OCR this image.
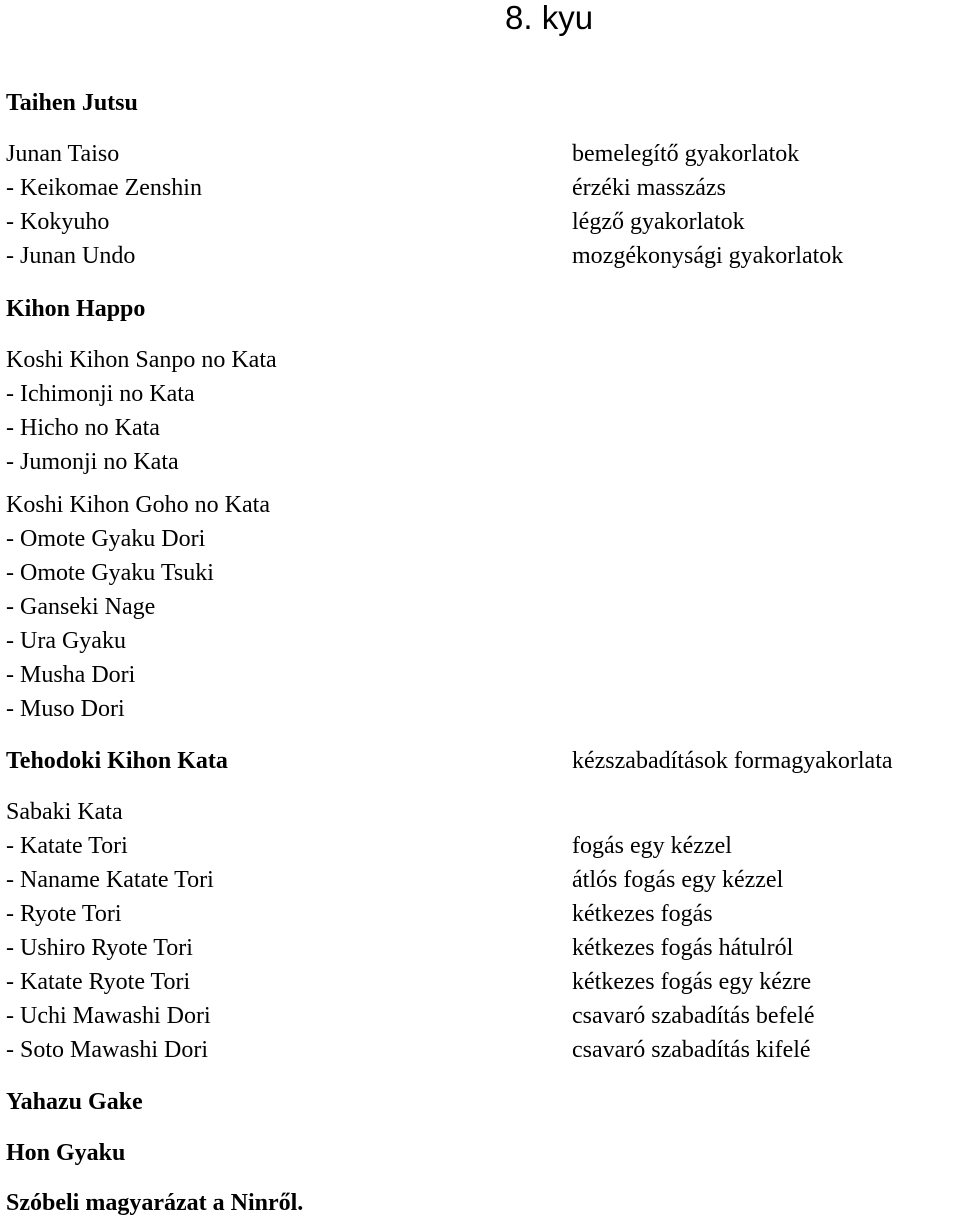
8. kyu
Taihen Jutsu
Junan Taiso	bemelegítő gyakorlatok
- Keikomae Zenshin	érzéki masszázs
- Kokyuho	légző gyakorlatok
- Junan Undo	mozgékonysági gyakorlatok
Kihon Happo
Koshi Kihon Sanpo no Kata
- Ichimonji no Kata
- Hicho no Kata
- Jumonji no Kata
Koshi Kihon Goho no Kata
- Omote Gyaku Dori
- Omote Gyaku Tsuki
- Ganseki Nage
- Ura Gyaku
- Musha Dori
- Muso Dori
Tehodoki Kihon Kata	kézszabadítások formagyakorlata
Sabaki Kata
- Katate Tori	fogás egy kézzel
- Naname Katate Tori	átlós fogás egy kézzel
- Ryote Tori	kétkezes fogás
- Ushiro Ryote Tori	kétkezes fogás hátulról
- Katate Ryote Tori	kétkezes fogás egy kézre
- Uchi Mawashi Dori	csavaró szabadítás befelé
- Soto Mawashi Dori	csavaró szabadítás kifelé
Yahazu Gake
Hon Gyaku
Szóbeli magyarázat a Ninről.
